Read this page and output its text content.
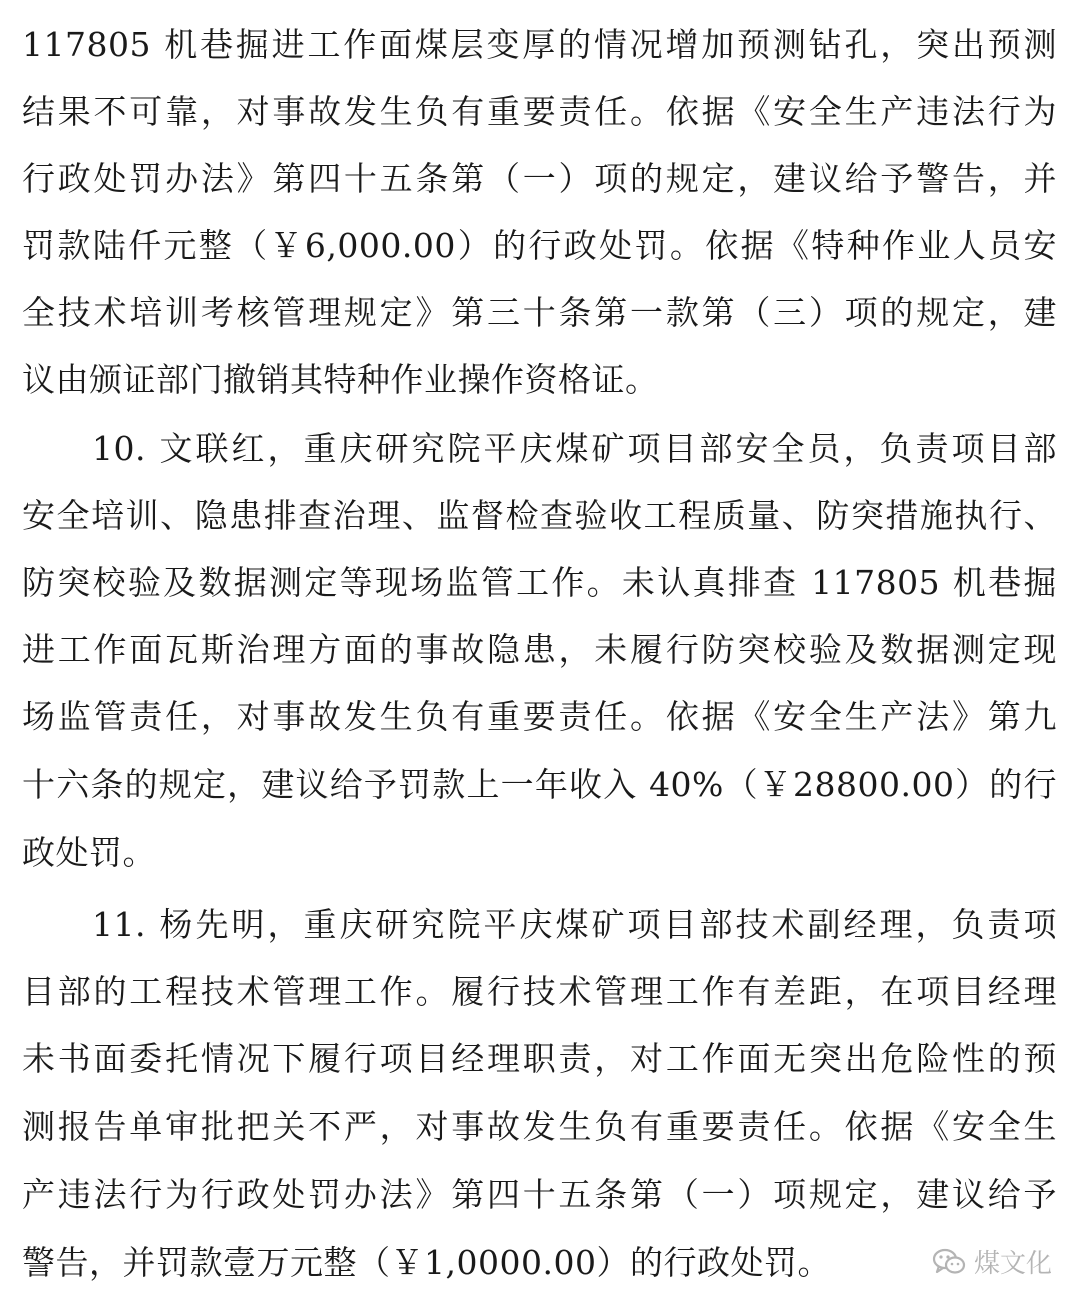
117805 机巷掘进工作面煤层变厚的情况增加预测钻孔，突出预测
结果不可靠，对事故发生负有重要责任。依据《安全生产违法行为
行政处罚办法》第四十五条第（一）项的规定，建议给予警告，并
罚款陆仟元整（￥6,000.00）的行政处罚。依据《特种作业人员安
全技术培训考核管理规定》第三十条第一款第（三）项的规定，建
议由颁证部门撤销其特种作业操作资格证。
10. 文联红，重庆研究院平庆煤矿项目部安全员，负责项目部
安全培训、隐患排查治理、监督检查验收工程质量、防突措施执行、
防突校验及数据测定等现场监管工作。未认真排查 117805 机巷掘
进工作面瓦斯治理方面的事故隐患，未履行防突校验及数据测定现
场监管责任，对事故发生负有重要责任。依据《安全生产法》第九
十六条的规定，建议给予罚款上一年收入 40%（￥28800.00）的行
政处罚。
11. 杨先明，重庆研究院平庆煤矿项目部技术副经理，负责项
目部的工程技术管理工作。履行技术管理工作有差距，在项目经理
未书面委托情况下履行项目经理职责，对工作面无突出危险性的预
测报告单审批把关不严，对事故发生负有重要责任。依据《安全生
产违法行为行政处罚办法》第四十五条第（一）项规定，建议给予
警告，并罚款壹万元整（￥1,0000.00）的行政处罚。	煤文化
